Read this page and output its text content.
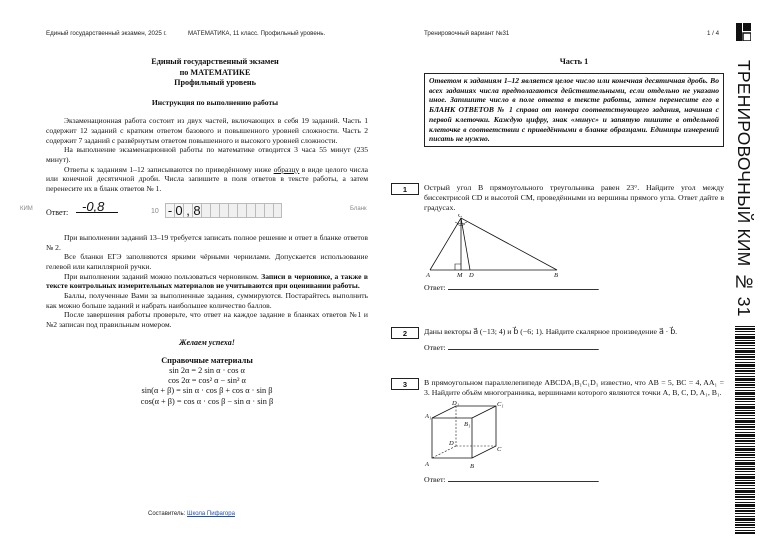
Единый государственный экзамен, 2025 г.	МАТЕМАТИКА, 11 класс. Профильный уровень.	Тренировочный вариант №31	1 / 4
ТРЕНИРОВОЧНЫЙ КИМ № 31
Единый государственный экзамен
по МАТЕМАТИКЕ
Профильный уровень
Инструкция по выполнению работы
Экзаменационная работа состоит из двух частей, включающих в себя 19 заданий. Часть 1 содержит 12 заданий с кратким ответом базового и повышенного уровней сложности. Часть 2 содержит 7 заданий с развёрнутым ответом повышенного и высокого уровней сложности.
На выполнение экзаменационной работы по математике отводится 3 часа 55 минут (235 минут).
Ответы к заданиям 1–12 записываются по приведённому ниже образцу в виде целого числа или конечной десятичной дроби. Числа запишите в поля ответов в тексте работы, а затем перенесите их в бланк ответов № 1.
КИМ Ответ:	-0,8	10 - 0 , 8	Бланк
При выполнении заданий 13–19 требуется записать полное решение и ответ в бланке ответов № 2.
Все бланки ЕГЭ заполняются яркими чёрными чернилами. Допускается использование гелевой или капиллярной ручки.
При выполнении заданий можно пользоваться черновиком. Записи в черновике, а также в тексте контрольных измерительных материалов не учитываются при оценивании работы.
Баллы, полученные Вами за выполненные задания, суммируются. Постарайтесь выполнить как можно больше заданий и набрать наибольшее количество баллов.
После завершения работы проверьте, что ответ на каждое задание в бланках ответов №1 и №2 записан под правильным номером.
Желаем успеха!
Справочные материалы
sin 2α = 2 sin α · cos α
cos 2α = cos² α − sin² α
sin(α + β) = sin α · cos β + cos α · sin β
cos(α + β) = cos α · cos β − sin α · sin β
Составитель: Школа Пифагора
Часть 1
Ответом к заданиям 1–12 является целое число или конечная десятичная дробь. Во всех заданиях числа предполагаются действительными, если отдельно не указано иное. Запишите число в поле ответа в тексте работы, затем перенесите его в БЛАНК ОТВЕТОВ № 1 справа от номера соответствующего задания, начиная с первой клеточки. Каждую цифру, знак «минус» и запятую пишите в отдельной клеточке в соответствии с приведёнными в бланке образцами. Единицы измерений писать не нужно.
1	Острый угол B прямоугольного треугольника равен 23°. Найдите угол между биссектрисой CD и высотой CM, проведёнными из вершины прямого угла. Ответ дайте в градусах.
C
A	M D	B
Ответ:	.
2	Даны векторы a⃗ (−13; 4) и b⃗ (−6; 1). Найдите скалярное произведение a⃗ · b⃗.
Ответ:	.
3	В прямоугольном параллелепипеде ABCDA₁B₁C₁D₁ известно, что AB = 5, BC = 4, AA₁ = 3. Найдите объём многогранника, вершинами которого являются точки A, B, C, D, A₁, B₁.
D₁	C₁
A₁
B₁
D
C
A	B
Ответ:	.
